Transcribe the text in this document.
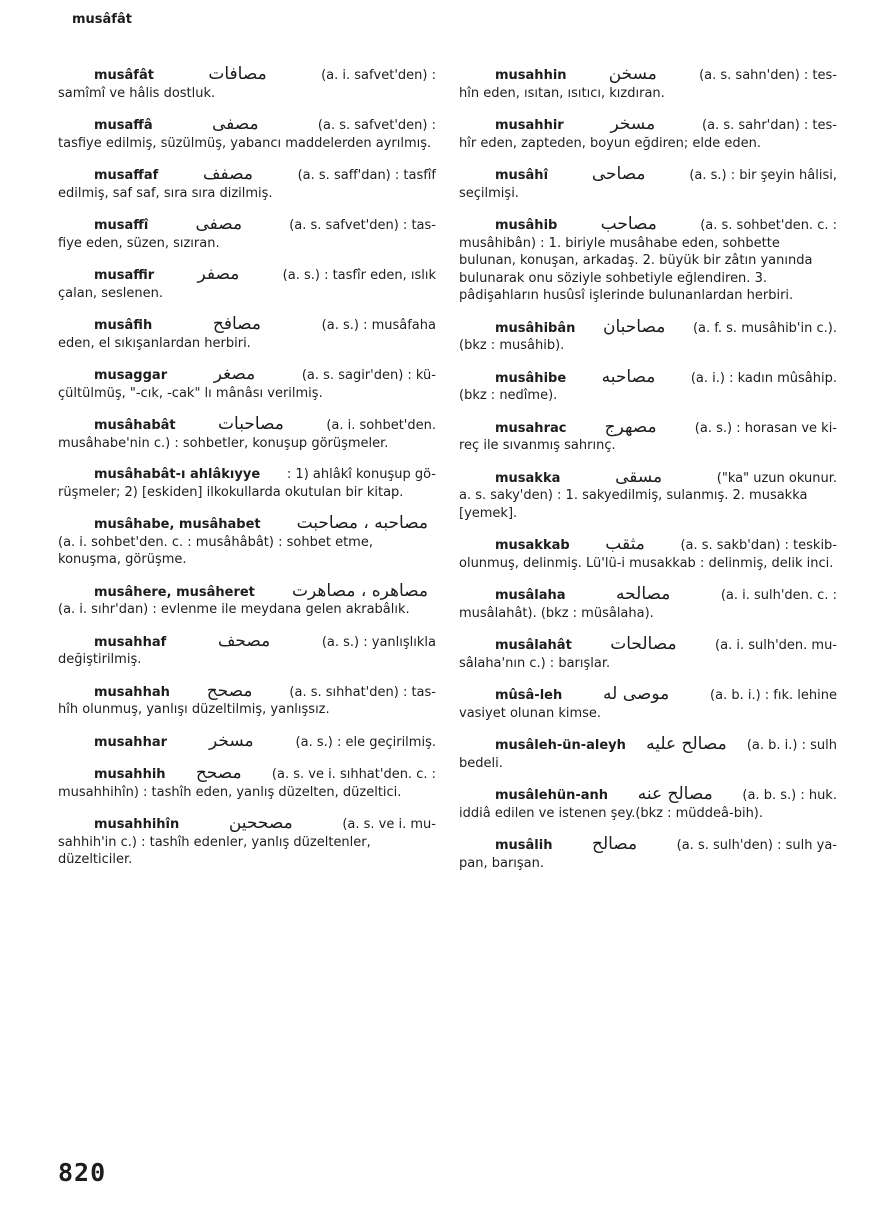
musâfât
musâfât	مصافات	(a. i. safvet'den) :
samîmî ve hâlis dostluk.
musaffâ	مصفى	(a. s. safvet'den) :
tasfiye edilmiş, süzülmüş, yabancı maddelerden ayrılmış.
musaffaf	مصفف	(a. s. saff'dan) : tasfîf
edilmiş, saf saf, sıra sıra dizilmiş.
musaffî	مصفى	(a. s. safvet'den) : tas-
fiye eden, süzen, sızıran.
musaffir	مصفر	(a. s.) : tasfîr eden, ıslık
çalan, seslenen.
musâfih	مصافح	(a. s.) : musâfaha
eden, el sıkışanlardan herbiri.
musaggar	مصغر	(a. s. sagir'den) : kü-
çültülmüş, "-cık, -cak" lı mânâsı verilmiş.
musâhabât مصاحبات	(a. i. sohbet'den.
musâhabe'nin c.) : sohbetler, konuşup görüşmeler.
musâhabât-ı ahlâkıyye : 1) ahlâkî konuşup gö-
rüşmeler; 2) [eskiden] ilkokullarda okutulan bir kitap.
musâhabe, musâhabet مصاحبه ، مصاحبت
(a. i. sohbet'den. c. : musâhâbât) : sohbet etme, konuşma, görüşme.
musâhere, musâheret مصاهره ، مصاهرت
(a. i. sıhr'dan) : evlenme ile meydana gelen akrabâlık.
musahhaf	مصحف	(a. s.) : yanlışlıkla
değiştirilmiş.
musahhah مصحح	(a. s. sıhhat'den) : tas-
hîh olunmuş, yanlışı düzeltilmiş, yanlışsız.
musahhar مسخر	(a. s.) : ele geçirilmiş.
musahhih مصحح (a. s. ve i. sıhhat'den. c. :
musahhihîn) : tashîh eden, yanlış düzelten, düzeltici.
musahhihîn	مصححين	(a. s. ve i. mu-
sahhih'in c.) : tashîh edenler, yanlış düzeltenler, düzelticiler.
musahhin مسخن	(a. s. sahn'den) : tes-
hîn eden, ısıtan, ısıtıcı, kızdıran.
musahhir	مسخر	(a. s. sahr'dan) : tes-
hîr eden, zapteden, boyun eğdiren; elde eden.
musâhî	مصاحى	(a. s.) : bir şeyin hâlisi,
seçilmişi.
musâhib	مصاحب	(a. s. sohbet'den. c. :
musâhibân) : 1. biriyle musâhabe eden, sohbette bulunan, konuşan, arkadaş. 2. büyük bir zâtın yanında bulunarak onu söziyle sohbetiyle eğlendiren. 3. pâdişahların husûsî işlerinde bulunanlardan herbiri.
musâhibân مصاحبان (a. f. s. musâhib'in c.).
(bkz : musâhib).
musâhibe مصاحبه	(a. i.) : kadın mûsâhip.
(bkz : nedîme).
musahrac مصهرج	(a. s.) : horasan ve ki-
reç ile sıvanmış sahrınç.
musakka	مسقى	("ka" uzun okunur.
a. s. saky'den) : 1. sakyedilmiş, sulanmış. 2. musakka [yemek].
musakkab مثقب	(a. s. sakb'dan) : teskib-
olunmuş, delinmiş. Lü'lü-i musakkab : delinmiş, delik inci.
musâlaha	مصالحه	(a. i. sulh'den. c. :
musâlahât). (bkz : müsâlaha).
musâlahât مصالحات	(a. i. sulh'den. mu-
sâlaha'nın c.) : barışlar.
mûsâ-leh موصى له	(a. b. i.) : fık. lehine
vasiyet olunan kimse.
musâleh-ün-aleyh مصالح عليه (a. b. i.) : sulh
bedeli.
musâlehün-anh مصالح عنه (a. b. s.) : huk.
iddiâ edilen ve istenen şey.(bkz : müddeâ-bih).
musâlih مصالح	(a. s. sulh'den) : sulh ya-
pan, barışan.
820
